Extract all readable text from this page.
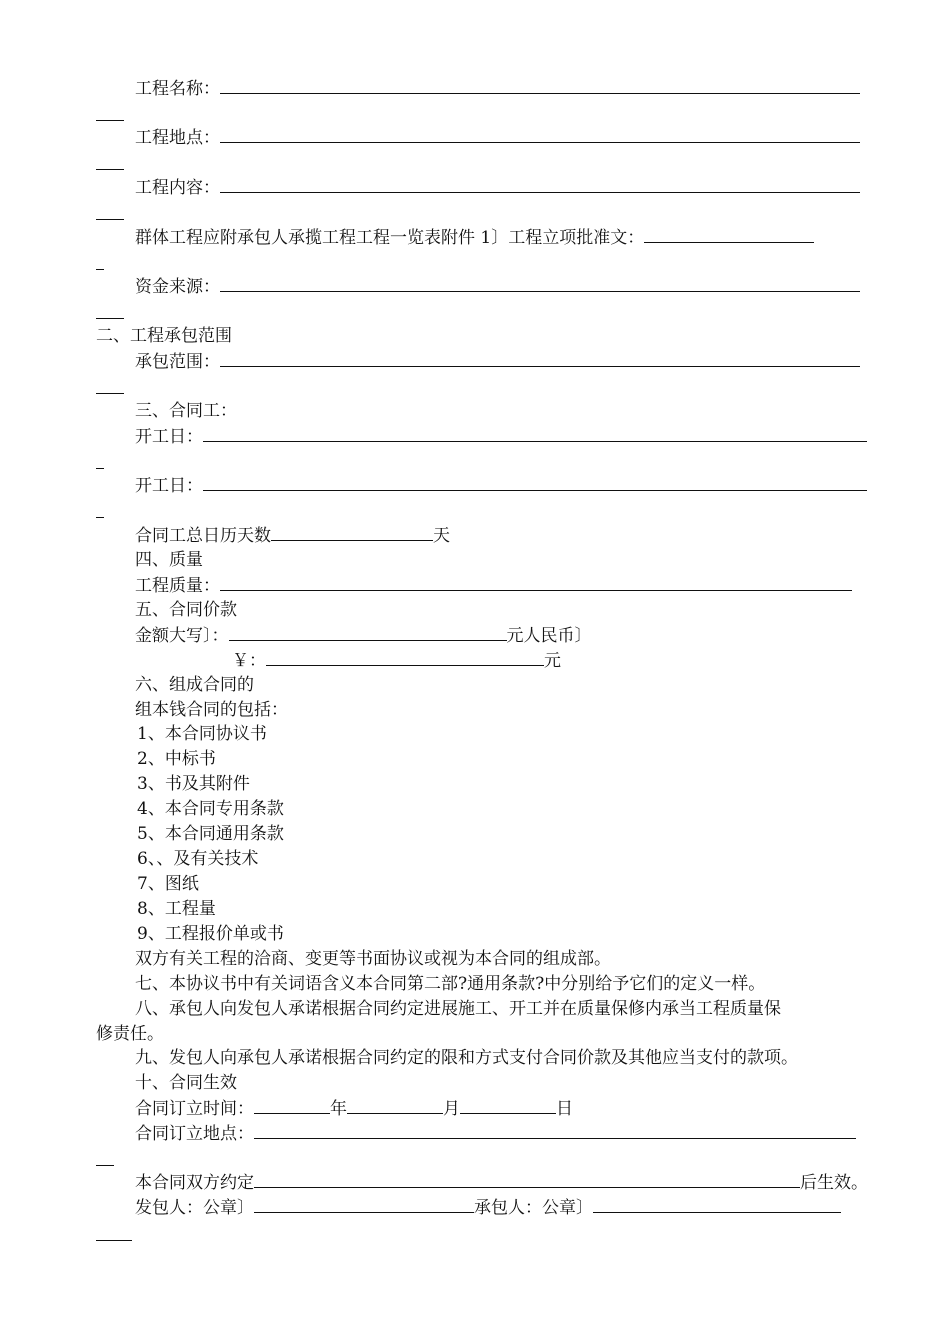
工程名称：
工程地点：
工程内容：
群体工程应附承包人承揽工程工程一览表附件 1〕工程立项批准文：
资金来源：
二、工程承包范围
承包范围：
三、合同工：
开工日：
开工日：
合同工总日历天数	天
四、质量
工程质量：
五、合同价款
金额大写〕：	元人民币〕
￥：	元
六、组成合同的
组本钱合同的包括：
1、本合同协议书
2、中标书
3、书及其附件
4、本合同专用条款
5、本合同通用条款
6、、及有关技术
7、图纸
8、工程量
9、工程报价单或书
双方有关工程的洽商、变更等书面协议或视为本合同的组成部。
七、本协议书中有关词语含义本合同第二部?通用条款?中分别给予它们的定义一样。
八、承包人向发包人承诺根据合同约定进展施工、开工并在质量保修内承当工程质量保
修责任。
九、发包人向承包人承诺根据合同约定的限和方式支付合同价款及其他应当支付的款项。
十、合同生效
合同订立时间：	年	月	日
合同订立地点：
本合同双方约定	后生效。
发包人：公章〕	承包人：公章〕
